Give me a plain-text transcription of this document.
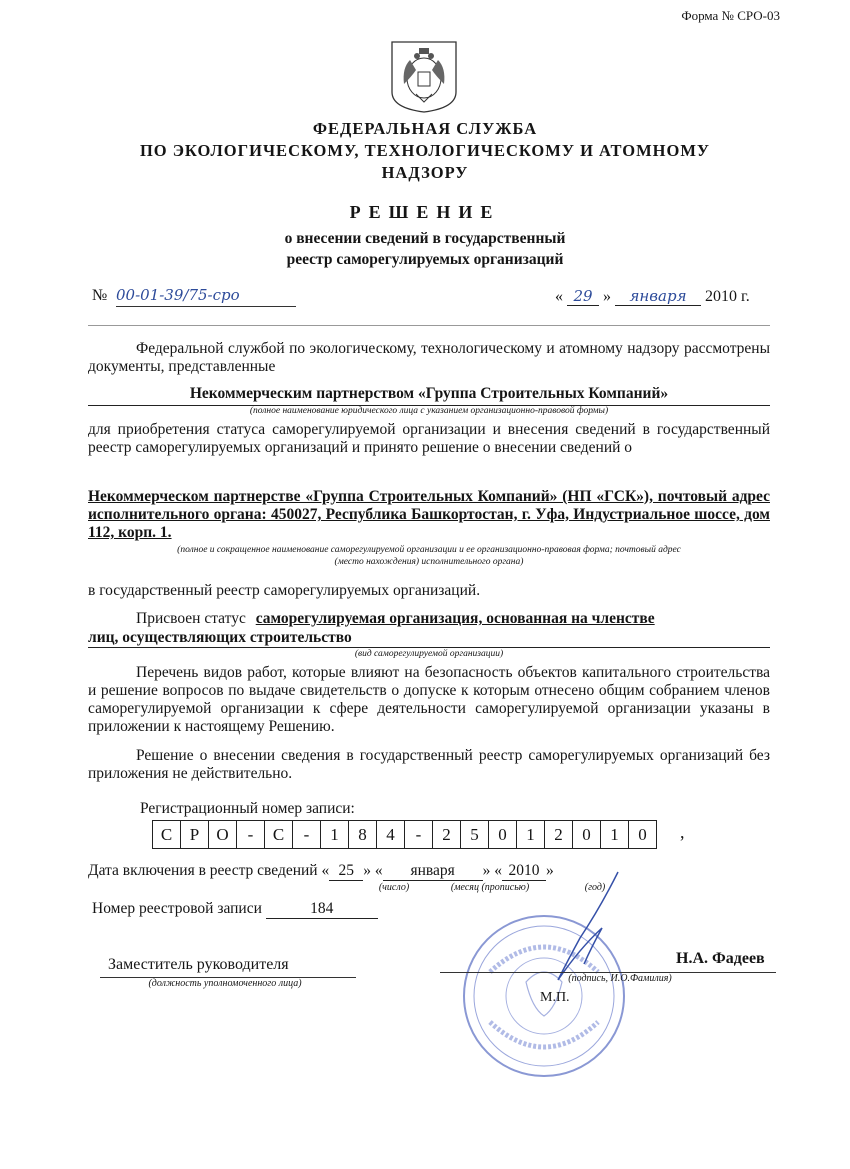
Форма № СРО-03
ФЕДЕРАЛЬНАЯ СЛУЖБА
ПО ЭКОЛОГИЧЕСКОМУ, ТЕХНОЛОГИЧЕСКОМУ И АТОМНОМУ
НАДЗОРУ
РЕШЕНИЕ
о внесении сведений в государственный
реестр саморегулируемых организаций
№ 00-01-39/75-сро	« 29 » января 2010 г.
Федеральной службой по экологическому, технологическому и атомному надзору рассмотрены документы, представленные
Некоммерческим партнерством «Группа Строительных Компаний»
(полное наименование юридического лица с указанием организационно-правовой формы)
для приобретения статуса саморегулируемой организации и внесения сведений в государственный реестр саморегулируемых организаций и принято решение о внесении сведений о
Некоммерческом партнерстве «Группа Строительных Компаний» (НП «ГСК»), почтовый адрес исполнительного органа: 450027, Республика Башкортостан, г. Уфа, Индустриальное шоссе, дом 112, корп. 1.
(полное и сокращенное наименование саморегулируемой организации и ее организационно-правовая форма; почтовый адрес
(место нахождения) исполнительного органа)
в государственный реестр саморегулируемых организаций.
Присвоен статус саморегулируемая организация, основанная на членстве
лиц, осуществляющих строительство
(вид саморегулируемой организации)
Перечень видов работ, которые влияют на безопасность объектов капитального строительства и решение вопросов по выдаче свидетельств о допуске к которым отнесено общим собранием членов саморегулируемой организации к сфере деятельности саморегулируемой организации указаны в приложении к настоящему Решению.
Решение о внесении сведения в государственный реестр саморегулируемых организаций без приложения не действительно.
Регистрационный номер записи:
С	Р	О	-	С	-	1	8	4	-	2	5	0	1	2	0	1	0	,
Дата включения в реестр сведений « 25 » « января » « 2010 »
(число)	(месяц (прописью)	(год)
Номер реестровой записи	184
Заместитель руководителя
(должность уполномоченного лица)
Н.А. Фадеев
(подпись, И.О.Фамилия)
М.П.
